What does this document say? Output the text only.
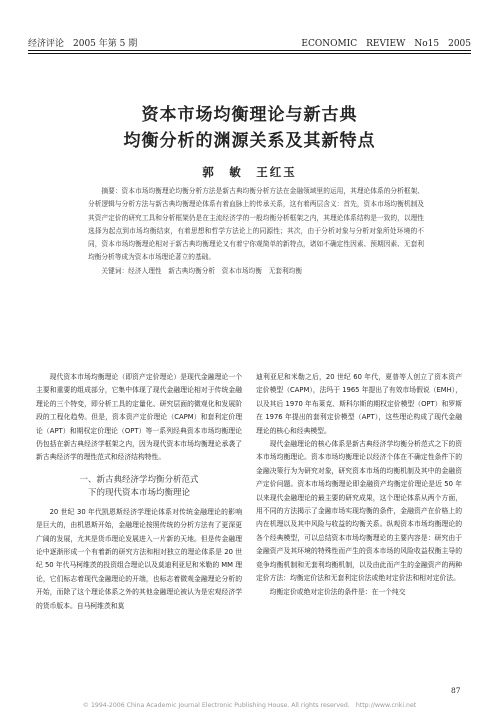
经济评论　2005 年第 5 期	ECONOMIC　REVIEW　No15　2005
资本市场均衡理论与新古典
均衡分析的渊源关系及其新特点
郭　敏　王红玉

摘要：资本市场均衡理论均衡分析方法是新古典均衡分析方法在金融领域里的运用，其理论体系的分析框架、分析逻辑与分析方法与新古典均衡理论体系有着血脉上的传承关系，这有着两层含义：首先，资本市场均衡机制及其资产定价的研究工具和分析框架仍是在主流经济学的一般均衡分析框架之内，其理论体系结构是一致的，以理性选择为起点到市场均衡结束，有着思想和哲学方法论上的同源性；其次，由于分析对象与分析对象所处环境的不同，资本市场均衡理论相对于新古典均衡理论又有着宁你观简单的新特点，诸如不确定性因素、预期因素、无套利均衡分析等成为资本市场理论著立的基础。

关键词：经济人理性　新古典均衡分析　资本市场均衡　无套利均衡

现代资本市场均衡理论（即资产定价理论）是现代金融理论一个主要和重要的组成部分，它集中体现了现代金融理论相对于传统金融理论的三个特变，即分析工具的定量化、研究层面的微观化和发展阶段的工程化趋势。但是，资本资产定价理论（CAPM）和套利定价理论（APT）和期权定价理论（OPT）等一系列经典资本市场均衡理论仍包括在新古典经济学框架之内，因为现代资本市场均衡理论承袭了新古典经济学的理性范式和经济结构特性。

一、新古典经济学均衡分析范式
下的现代资本市场均衡理论

20 世纪 30 年代凯恩斯经济学理论体系对传统金融理论的影响是巨大的，由机恩斯开始，金融理论按照传统的分析方法有了更深更广阔的发展，尤其是货币理论发展进入一片新的天地。但是传金融理论中逐渐形成一个有着新的研究方法和相对独立的理论体系是 20 世纪 50 年代马柯维茨的投资组合理论以及莫迪利亚尼和米勒的 MM 理论，它们标志着现代金融理论的开端，也标志着微观金融理论分析的开始，而除了这个理论体系之外的其他金融理论被认为是宏观经济学的货币版本。自马柯维茨和莫

迪利亚尼和米勒之后，20 世纪 60 年代，夏普等人创立了资本资产定价模型（CAPM），法玛于 1965 年提出了有效市场假说（EMH），以及其后 1970 年布莱克、斯科尔斯的期权定价模型（OPT）和罗斯在 1976 年提出的套利定价模型（APT），这些理论构成了现代金融理论的核心和经典模型。

现代金融理论的核心体系是新古典经济学均衡分析范式之下的资本市场均衡理论。资本市场均衡理论以经济个体在不确定性条件下的金融决策行为为研究对象，研究资本市场的均衡机制及其中的金融资产定价问题。资本市场均衡理论即金融资产均衡定价理论是近 50 年以来现代金融理论的最主要的研究成果，这个理论体系从两个方面，用不同的方法揭示了金融市场实现均衡的条件，金融资产在价格上的内在机理以及其中风险与收益的均衡关系。纵观资本市场均衡理论的各个经典模型，可以总结资本市场均衡理论的主要内容是：研究由于金融资产及其环境的特殊性而产生的资本市场的风险收益权衡主导的竞争均衡机制和无套利均衡机制，以及由此而产生的金融资产的两种定价方法：均衡定价法和无套利定价法或绝对定价法和相对定价法。

均衡定价或绝对定价法的条件是：在一个纯交

87
© 1994-2006 China Academic Journal Electronic Publishing House. All rights reserved.　http://www.cnki.net
